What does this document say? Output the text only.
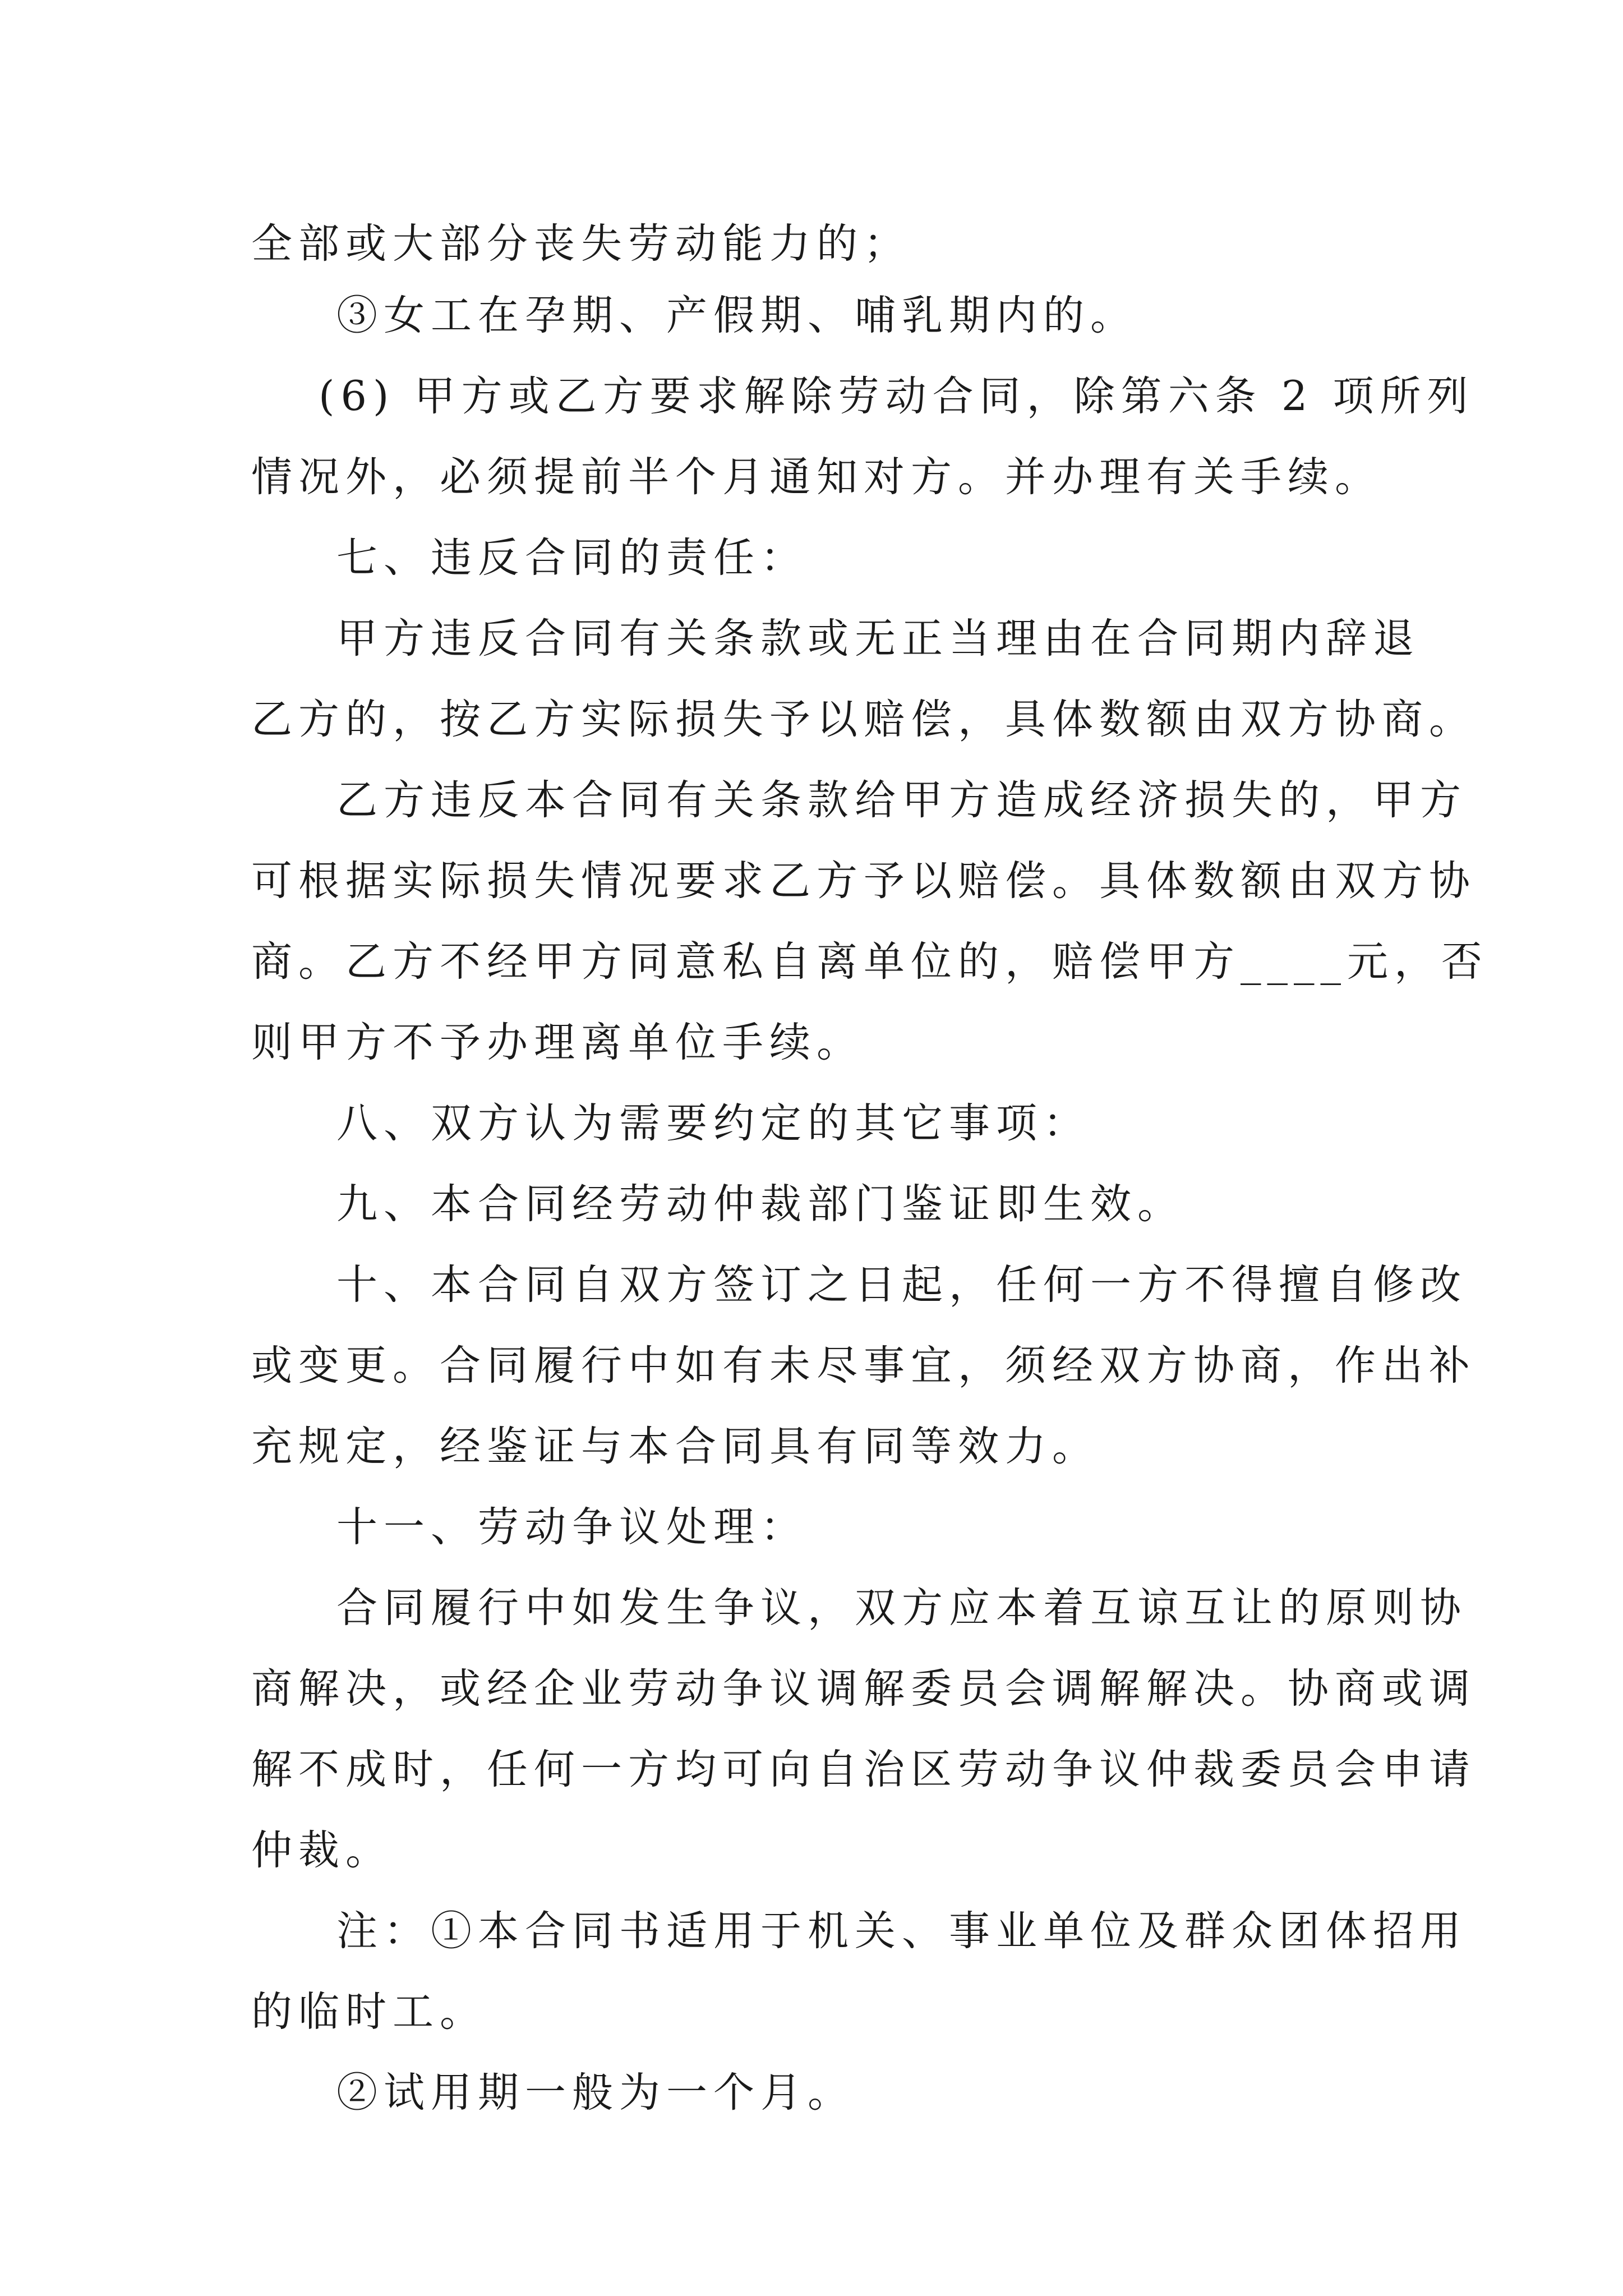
全部或大部分丧失劳动能力的；
③女工在孕期、产假期、哺乳期内的。
(6) 甲方或乙方要求解除劳动合同，除第六条 2 项所列
情况外，必须提前半个月通知对方。并办理有关手续。
七、违反合同的责任：
甲方违反合同有关条款或无正当理由在合同期内辞退
乙方的，按乙方实际损失予以赔偿，具体数额由双方协商。
乙方违反本合同有关条款给甲方造成经济损失的，甲方
可根据实际损失情况要求乙方予以赔偿。具体数额由双方协
商。乙方不经甲方同意私自离单位的，赔偿甲方____元，否
则甲方不予办理离单位手续。
八、双方认为需要约定的其它事项：
九、本合同经劳动仲裁部门鉴证即生效。
十、本合同自双方签订之日起，任何一方不得擅自修改
或变更。合同履行中如有未尽事宜，须经双方协商，作出补
充规定，经鉴证与本合同具有同等效力。
十一、劳动争议处理：
合同履行中如发生争议，双方应本着互谅互让的原则协
商解决，或经企业劳动争议调解委员会调解解决。协商或调
解不成时，任何一方均可向自治区劳动争议仲裁委员会申请
仲裁。
注：①本合同书适用于机关、事业单位及群众团体招用
的临时工。
②试用期一般为一个月。
